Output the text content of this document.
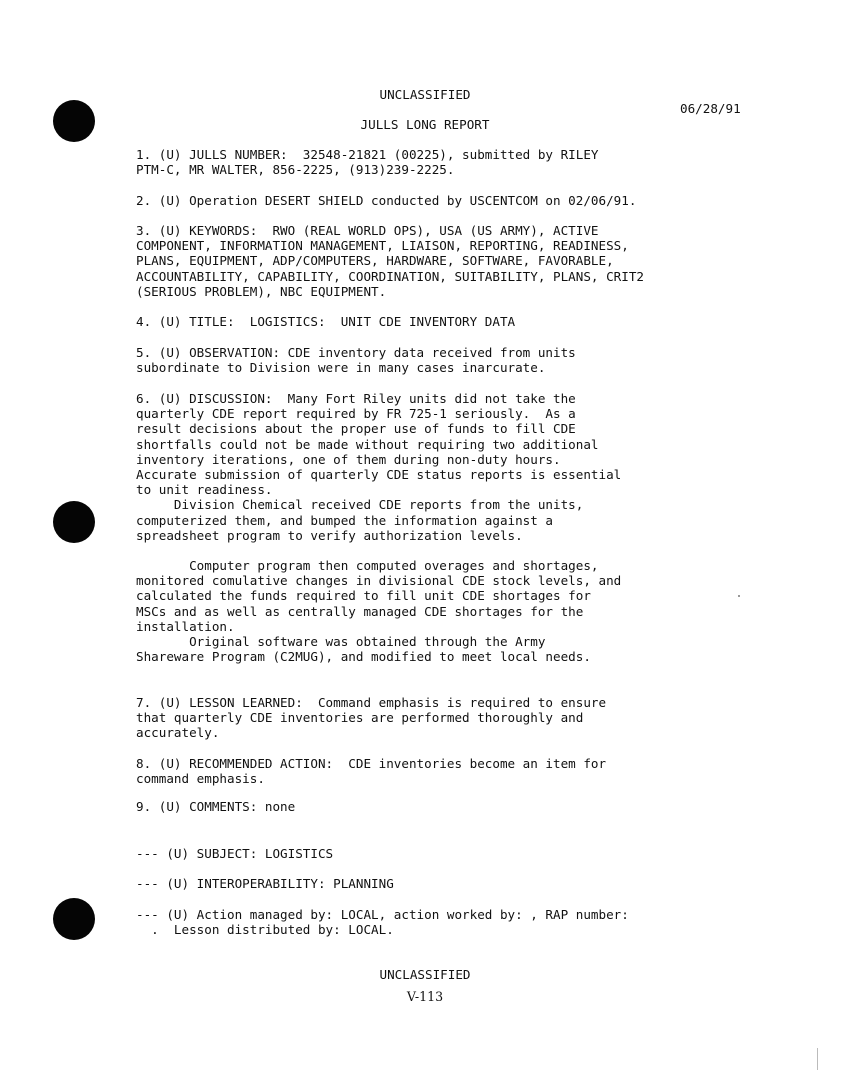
UNCLASSIFIED
06/28/91
JULLS LONG REPORT
1. (U) JULLS NUMBER:  32548-21821 (00225), submitted by RILEY
PTM-C, MR WALTER, 856-2225, (913)239-2225.
2. (U) Operation DESERT SHIELD conducted by USCENTCOM on 02/06/91.
3. (U) KEYWORDS:  RWO (REAL WORLD OPS), USA (US ARMY), ACTIVE
COMPONENT, INFORMATION MANAGEMENT, LIAISON, REPORTING, READINESS,
PLANS, EQUIPMENT, ADP/COMPUTERS, HARDWARE, SOFTWARE, FAVORABLE,
ACCOUNTABILITY, CAPABILITY, COORDINATION, SUITABILITY, PLANS, CRIT2
(SERIOUS PROBLEM), NBC EQUIPMENT.
4. (U) TITLE:  LOGISTICS:  UNIT CDE INVENTORY DATA
5. (U) OBSERVATION: CDE inventory data received from units
subordinate to Division were in many cases inarcurate.
6. (U) DISCUSSION:  Many Fort Riley units did not take the
quarterly CDE report required by FR 725-1 seriously.  As a
result decisions about the proper use of funds to fill CDE
shortfalls could not be made without requiring two additional
inventory iterations, one of them during non-duty hours.
Accurate submission of quarterly CDE status reports is essential
to unit readiness.
Division Chemical received CDE reports from the units,
computerized them, and bumped the information against a
spreadsheet program to verify authorization levels.
Computer program then computed overages and shortages,
monitored comulative changes in divisional CDE stock levels, and
calculated the funds required to fill unit CDE shortages for
MSCs and as well as centrally managed CDE shortages for the
installation.
Original software was obtained through the Army
Shareware Program (C2MUG), and modified to meet local needs.
7. (U) LESSON LEARNED:  Command emphasis is required to ensure
that quarterly CDE inventories are performed thoroughly and
accurately.
8. (U) RECOMMENDED ACTION:  CDE inventories become an item for
command emphasis.
9. (U) COMMENTS: none
--- (U) SUBJECT: LOGISTICS
--- (U) INTEROPERABILITY: PLANNING
--- (U) Action managed by: LOCAL, action worked by: , RAP number:
.  Lesson distributed by: LOCAL.
UNCLASSIFIED
V-113
